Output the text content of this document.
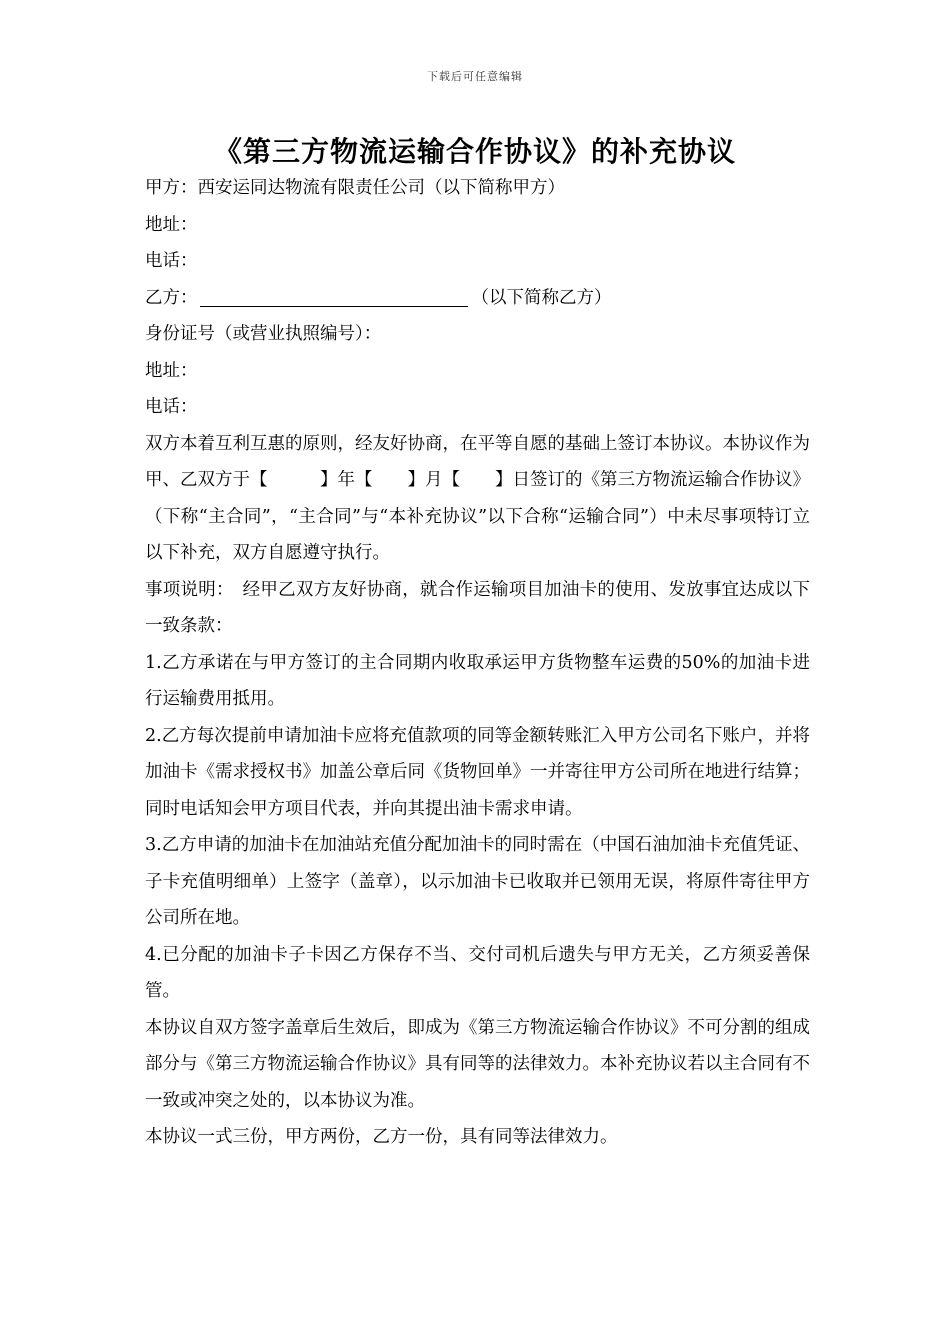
下载后可任意编辑
《第三方物流运输合作协议》的补充协议
甲方：西安运同达物流有限责任公司（以下简称甲方）
地址：
电话：
乙方：	（以下简称乙方）
身份证号（或营业执照编号）：
地址：
电话：
双方本着互利互惠的原则，经友好协商，在平等自愿的基础上签订本协议。本协议作为甲、乙双方于【　　　】年【　　】月【　　】日签订的《第三方物流运输合作协议》（下称“主合同”，“主合同”与“本补充协议”以下合称“运输合同”）中未尽事项特订立以下补充，双方自愿遵守执行。
事项说明：　经甲乙双方友好协商，就合作运输项目加油卡的使用、发放事宜达成以下一致条款：
1.乙方承诺在与甲方签订的主合同期内收取承运甲方货物整车运费的50%的加油卡进行运输费用抵用。
2.乙方每次提前申请加油卡应将充值款项的同等金额转账汇入甲方公司名下账户，并将加油卡《需求授权书》加盖公章后同《货物回单》一并寄往甲方公司所在地进行结算；同时电话知会甲方项目代表，并向其提出油卡需求申请。
3.乙方申请的加油卡在加油站充值分配加油卡的同时需在（中国石油加油卡充值凭证、子卡充值明细单）上签字（盖章），以示加油卡已收取并已领用无误，将原件寄往甲方公司所在地。
4.已分配的加油卡子卡因乙方保存不当、交付司机后遗失与甲方无关，乙方须妥善保管。
本协议自双方签字盖章后生效后，即成为《第三方物流运输合作协议》不可分割的组成部分与《第三方物流运输合作协议》具有同等的法律效力。本补充协议若以主合同有不一致或冲突之处的，以本协议为准。
本协议一式三份，甲方两份，乙方一份，具有同等法律效力。
